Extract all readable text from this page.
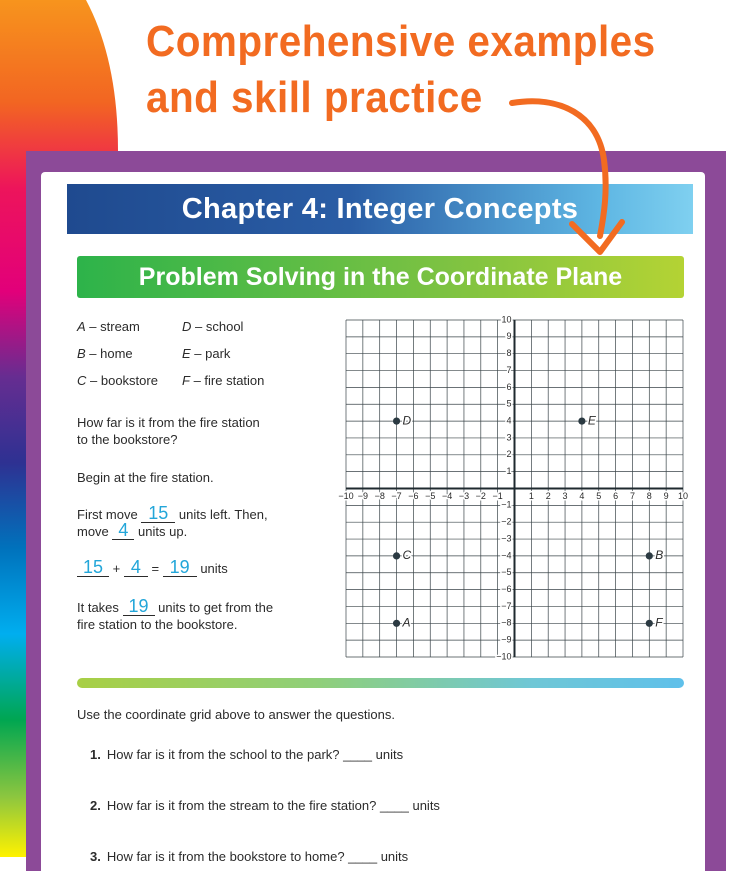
Comprehensive examples
and skill practice
Chapter 4: Integer Concepts
Problem Solving in the Coordinate Plane
A – stream	D – school
B – home	E – park
C – bookstore F – fire station
How far is it from the fire station
to the bookstore?
Begin at the fire station.
First move 15 units left. Then,
move 4 units up.
15 + 4 = 19 units
It takes 19 units to get from the
fire station to the bookstore.
−10 −9 −8 −7 −6 −5 −4 −3 −2 −1	1 2 3 4 5 6 7 8 9 10
10
9
8
7
6
5
4
3
2
1
−1
−2
−3
−4
−5
−6
−7
−8
−9
−10
D	E
C	B
A	F
Use the coordinate grid above to answer the questions.
1. How far is it from the school to the park? ____ units
2. How far is it from the stream to the fire station? ____ units
3. How far is it from the bookstore to home? ____ units
